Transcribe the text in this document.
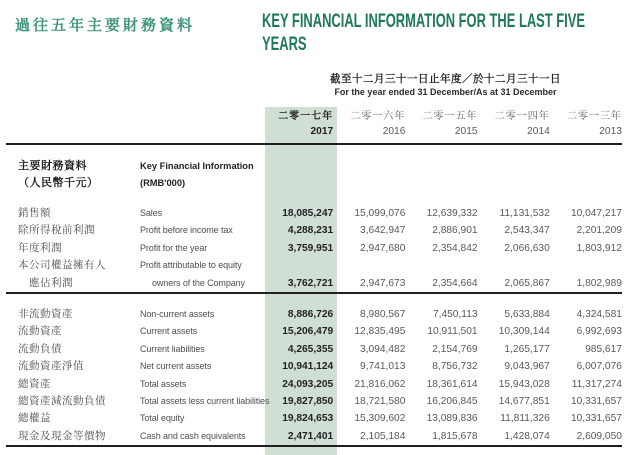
過往五年主要財務資料	KEY FINANCIAL INFORMATION FOR THE LAST FIVE YEARS
截至十二月三十一日止年度／於十二月三十一日
For the year ended 31 December/As at 31 December
二零一七年	二零一六年	二零一五年	二零一四年	二零一三年
2017	2016	2015	2014	2013
主要財務資料	Key Financial Information
（人民幣千元）	(RMB'000)
銷售額	Sales	18,085,247	15,099,076	12,639,332	11,131,532	10,047,217
除所得稅前利潤	Profit before income tax	4,288,231	3,642,947	2,886,901	2,543,347	2,201,209
年度利潤	Profit for the year	3,759,951	2,947,680	2,354,842	2,066,630	1,803,912
本公司權益擁有人	Profit attributable to equity
應佔利潤	owners of the Company	3,762,721	2,947,673	2,354,664	2,065,867	1,802,989
非流動資產	Non-current assets	8,886,726	8,980,567	7,450,113	5,633,884	4,324,581
流動資產	Current assets	15,206,479	12,835,495	10,911,501	10,309,144	6,992,693
流動負債	Current liabilities	4,265,355	3,094,482	2,154,769	1,265,177	985,617
流動資產淨值	Net current assets	10,941,124	9,741,013	8,756,732	9,043,967	6,007,076
總資產	Total assets	24,093,205	21,816,062	18,361,614	15,943,028	11,317,274
總資產減流動負債	Total assets less current liabilities	19,827,850	18,721,580	16,206,845	14,677,851	10,331,657
總權益	Total equity	19,824,653	15,309,602	13,089,836	11,811,326	10,331,657
現金及現金等價物	Cash and cash equivalents	2,471,401	2,105,184	1,815,678	1,428,074	2,609,050
